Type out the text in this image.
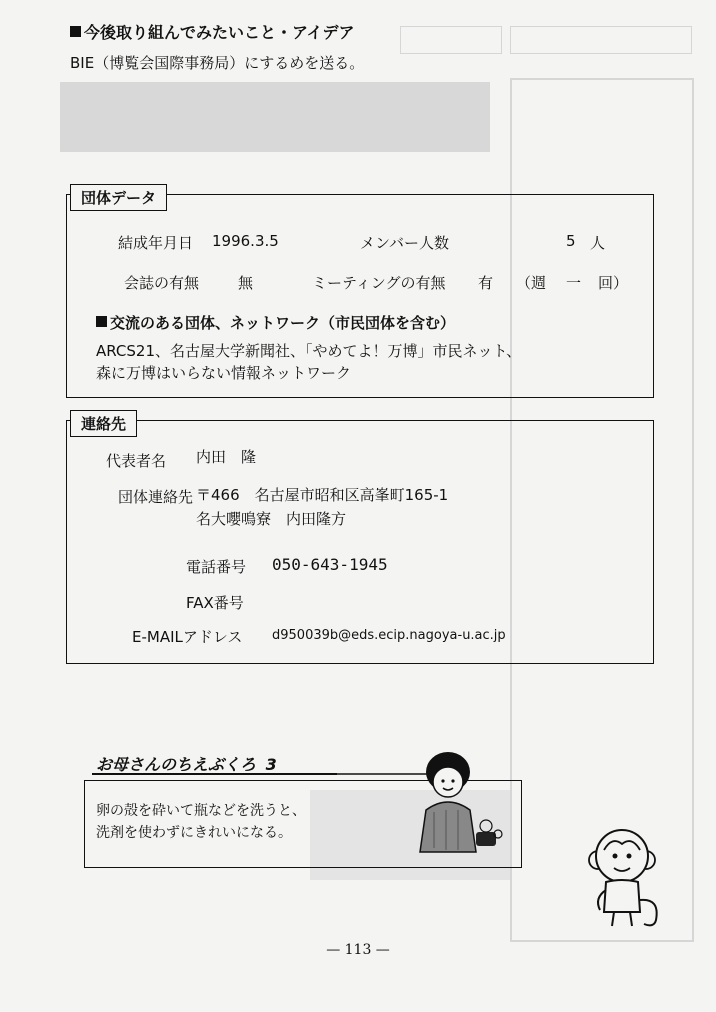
今後取り組んでみたいこと・アイデア
BIE（博覧会国際事務局）にするめを送る。
団体データ
結成年月日 1996.3.5	メンバー人数	5 人
会誌の有無	無	ミーティングの有無 有 （週 一 回）
交流のある団体、ネットワーク（市民団体を含む）
ARCS21、名古屋大学新聞社、「やめてよ！万博」市民ネット、
森に万博はいらない情報ネットワーク
連絡先
代表者名 内田　隆
団体連絡先 〒466　名古屋市昭和区高峯町165-1
名大嚶鳴寮　内田隆方
電話番号 050-643-1945
FAX番号
E-MAILアドレス d950039b@eds.ecip.nagoya-u.ac.jp
お母さんのちえぶくろ 3
卵の殻を砕いて瓶などを洗うと、
洗剤を使わずにきれいになる。
— 113 —
